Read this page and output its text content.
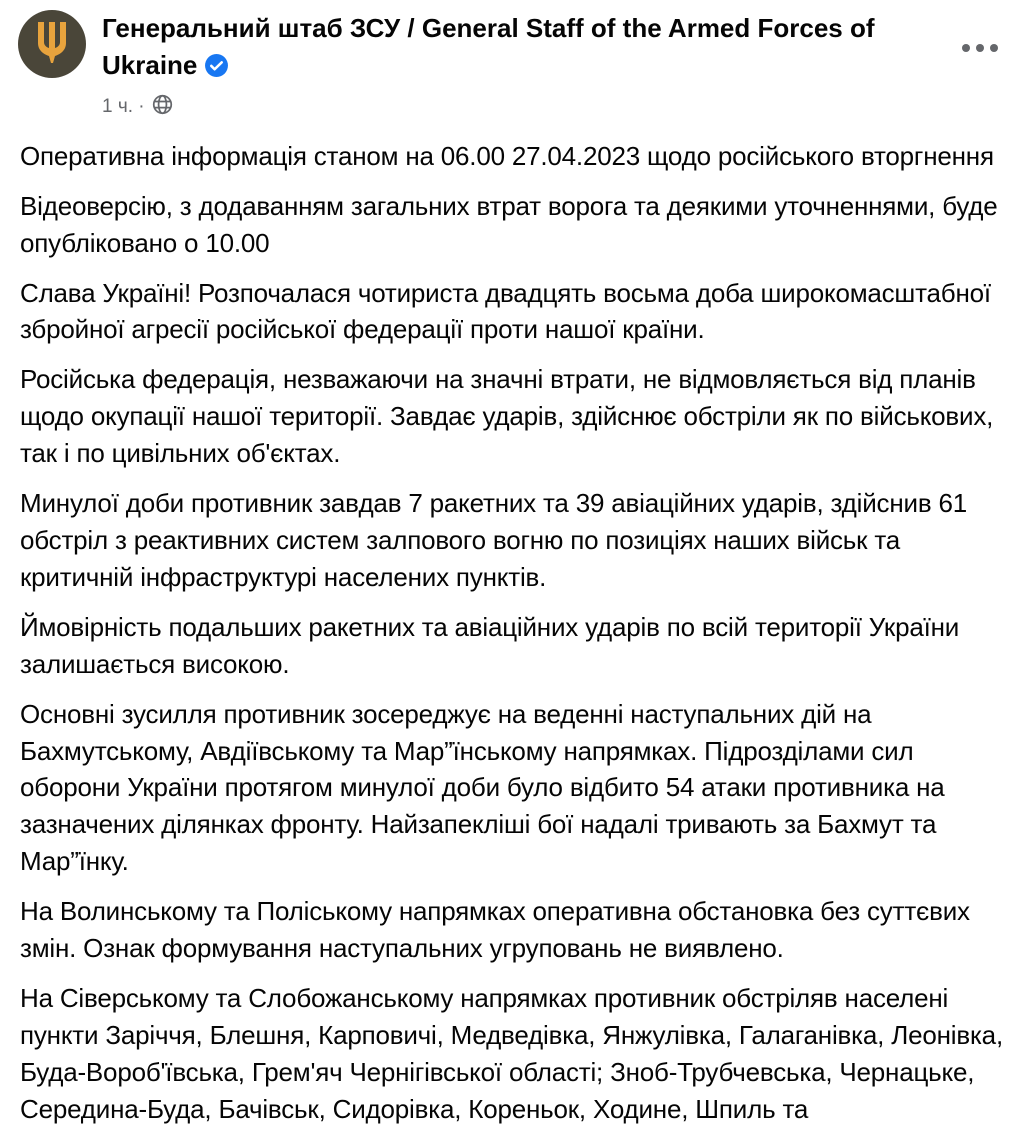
Генеральний штаб ЗСУ / General Staff of the Armed Forces of Ukraine
1 ч. ·

Оперативна інформація станом на 06.00 27.04.2023 щодо російського вторгнення

Відеоверсію, з додаванням загальних втрат ворога та деякими уточненнями, буде опубліковано о 10.00

Слава Україні! Розпочалася чотириста двадцять восьма доба широкомасштабної збройної агресії російської федерації проти нашої країни.

Російська федерація, незважаючи на значні втрати, не відмовляється від планів щодо окупації нашої території. Завдає ударів, здійснює обстріли як по військових, так і по цивільних об'єктах.

Минулої доби противник завдав 7 ракетних та 39 авіаційних ударів, здійснив 61 обстріл з реактивних систем залпового вогню по позиціях наших військ та критичній інфраструктурі населених пунктів.

Ймовірність подальших ракетних та авіаційних ударів по всій території України залишається високою.

Основні зусилля противник зосереджує на веденні наступальних дій на Бахмутському, Авдіївському та Мар”їнському напрямках. Підрозділами сил оборони України протягом минулої доби було відбито 54 атаки противника на зазначених ділянках фронту. Найзапекліші бої надалі тривають за Бахмут та Мар”їнку.

На Волинському та Поліському напрямках оперативна обстановка без суттєвих змін. Ознак формування наступальних угруповань не виявлено.

На Сіверському та Слобожанському напрямках противник обстріляв населені пункти Заріччя, Блешня, Карповичі, Медведівка, Янжулівка, Галаганівка, Леонівка, Буда-Вороб'ївська, Грем'яч Чернігівської області; Зноб-Трубчевська, Чернацьке, Середина-Буда, Бачівськ, Сидорівка, Кореньок, Ходине, Шпиль та
